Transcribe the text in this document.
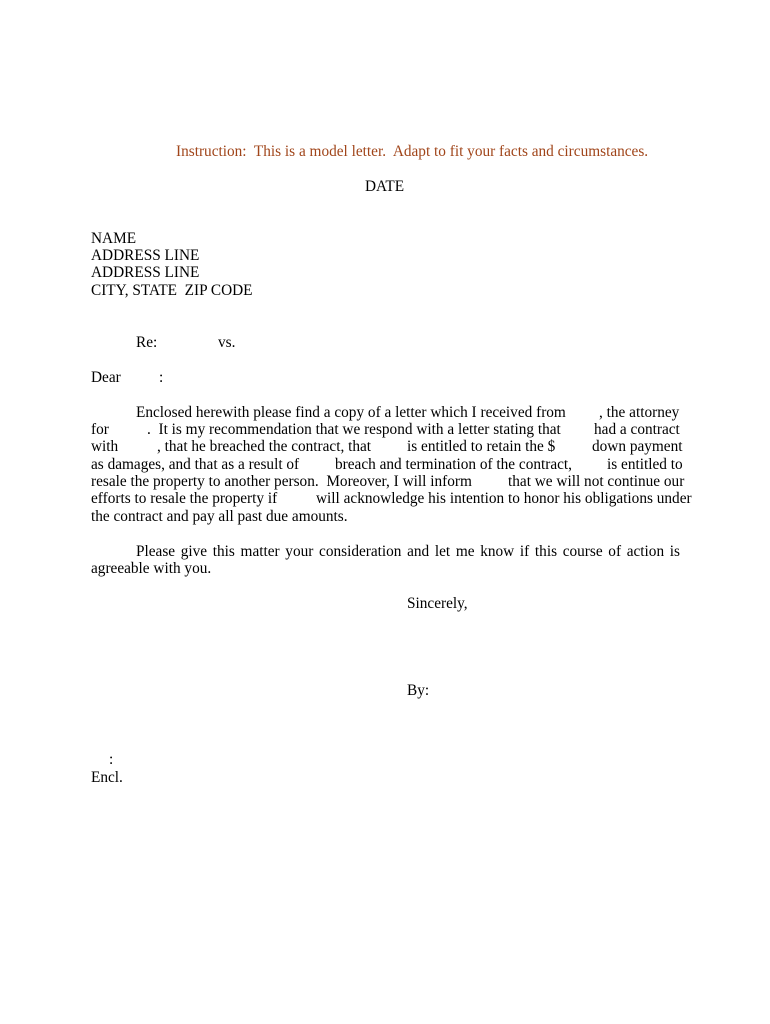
Instruction:  This is a model letter.  Adapt to fit your facts and circumstances.
DATE
NAME
ADDRESS LINE
ADDRESS LINE
CITY, STATE  ZIP CODE
Re:	vs.
Dear	:
Enclosed herewith please find a copy of a letter which I received from , the attorney
for .  It is my recommendation that we respond with a letter stating that had a contract
with	, that he breached the contract, that is entitled to retain the $ down payment
as damages, and that as a result of breach and termination of the contract, is entitled to
resale the property to another person.  Moreover, I will inform that we will not continue our
efforts to resale the property if	will acknowledge his intention to honor his obligations under
the contract and pay all past due amounts.
Please give this matter your consideration and let me know if this course of action is
agreeable with you.
Sincerely,
By:
:
Encl.
